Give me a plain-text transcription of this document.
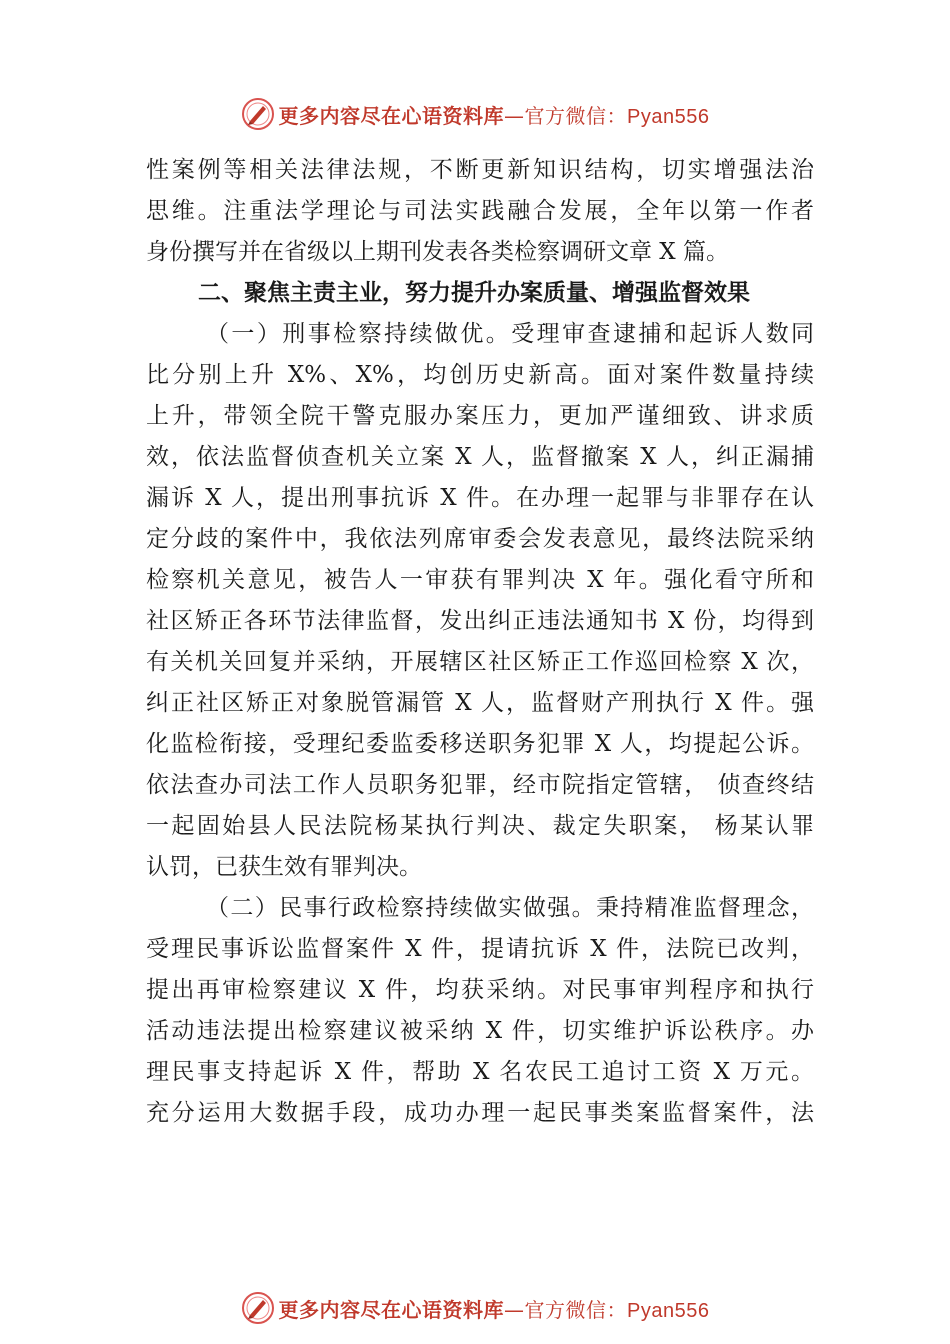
更多内容尽在心语资料库—官方微信：Pyan556
性案例等相关法律法规，不断更新知识结构，切实增强法治
思维。注重法学理论与司法实践融合发展，全年以第一作者
身份撰写并在省级以上期刊发表各类检察调研文章 X 篇。
二、聚焦主责主业，努力提升办案质量、增强监督效果
（一）刑事检察持续做优。受理审查逮捕和起诉人数同
比分别上升 X%、X%，均创历史新高。面对案件数量持续
上升，带领全院干警克服办案压力，更加严谨细致、讲求质
效，依法监督侦查机关立案 X 人，监督撤案 X 人，纠正漏捕
漏诉 X 人，提出刑事抗诉 X 件。在办理一起罪与非罪存在认
定分歧的案件中，我依法列席审委会发表意见，最终法院采纳
检察机关意见，被告人一审获有罪判决 X 年。强化看守所和
社区矫正各环节法律监督，发出纠正违法通知书 X 份，均得到
有关机关回复并采纳，开展辖区社区矫正工作巡回检察 X 次，
纠正社区矫正对象脱管漏管 X 人，监督财产刑执行 X 件。强
化监检衔接，受理纪委监委移送职务犯罪 X 人，均提起公诉。
依法查办司法工作人员职务犯罪，经市院指定管辖， 侦查终结
一起固始县人民法院杨某执行判决、裁定失职案， 杨某认罪
认罚，已获生效有罪判决。
（二）民事行政检察持续做实做强。秉持精准监督理念，
受理民事诉讼监督案件 X 件，提请抗诉 X 件，法院已改判，
提出再审检察建议 X 件，均获采纳。对民事审判程序和执行
活动违法提出检察建议被采纳 X 件，切实维护诉讼秩序。办
理民事支持起诉 X 件，帮助 X 名农民工追讨工资 X 万元。
充分运用大数据手段，成功办理一起民事类案监督案件，法
更多内容尽在心语资料库—官方微信：Pyan556
